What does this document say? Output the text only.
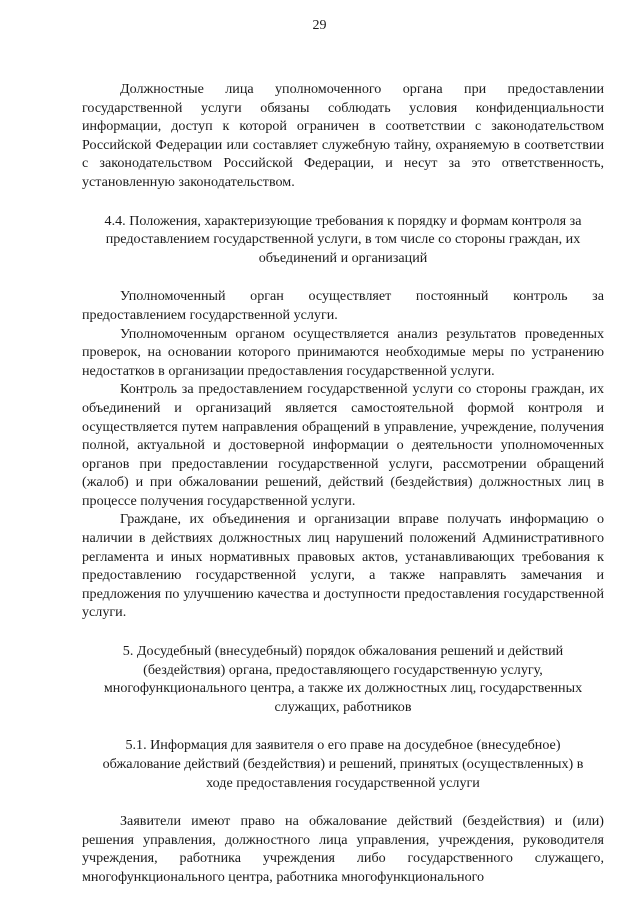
29

Должностные лица уполномоченного органа при предоставлении государственной услуги обязаны соблюдать условия конфиденциальности информации, доступ к которой ограничен в соответствии с законодательством Российской Федерации или составляет служебную тайну, охраняемую в соответствии с законодательством Российской Федерации, и несут за это ответственность, установленную законодательством.

4.4. Положения, характеризующие требования к порядку и формам контроля за предоставлением государственной услуги, в том числе со стороны граждан, их объединений и организаций

Уполномоченный орган осуществляет постоянный контроль за предоставлением государственной услуги.

Уполномоченным органом осуществляется анализ результатов проведенных проверок, на основании которого принимаются необходимые меры по устранению недостатков в организации предоставления государственной услуги.

Контроль за предоставлением государственной услуги со стороны граждан, их объединений и организаций является самостоятельной формой контроля и осуществляется путем направления обращений в управление, учреждение, получения полной, актуальной и достоверной информации о деятельности уполномоченных органов при предоставлении государственной услуги, рассмотрении обращений (жалоб) и при обжаловании решений, действий (бездействия) должностных лиц в процессе получения государственной услуги.

Граждане, их объединения и организации вправе получать информацию о наличии в действиях должностных лиц нарушений положений Административного регламента и иных нормативных правовых актов, устанавливающих требования к предоставлению государственной услуги, а также направлять замечания и предложения по улучшению качества и доступности предоставления государственной услуги.

5. Досудебный (внесудебный) порядок обжалования решений и действий (бездействия) органа, предоставляющего государственную услугу, многофункционального центра, а также их должностных лиц, государственных служащих, работников

5.1. Информация для заявителя о его праве на досудебное (внесудебное) обжалование действий (бездействия) и решений, принятых (осуществленных) в ходе предоставления государственной услуги

Заявители имеют право на обжалование действий (бездействия) и (или) решения управления, должностного лица управления, учреждения, руководителя учреждения, работника учреждения либо государственного служащего, многофункционального центра, работника многофункционального
